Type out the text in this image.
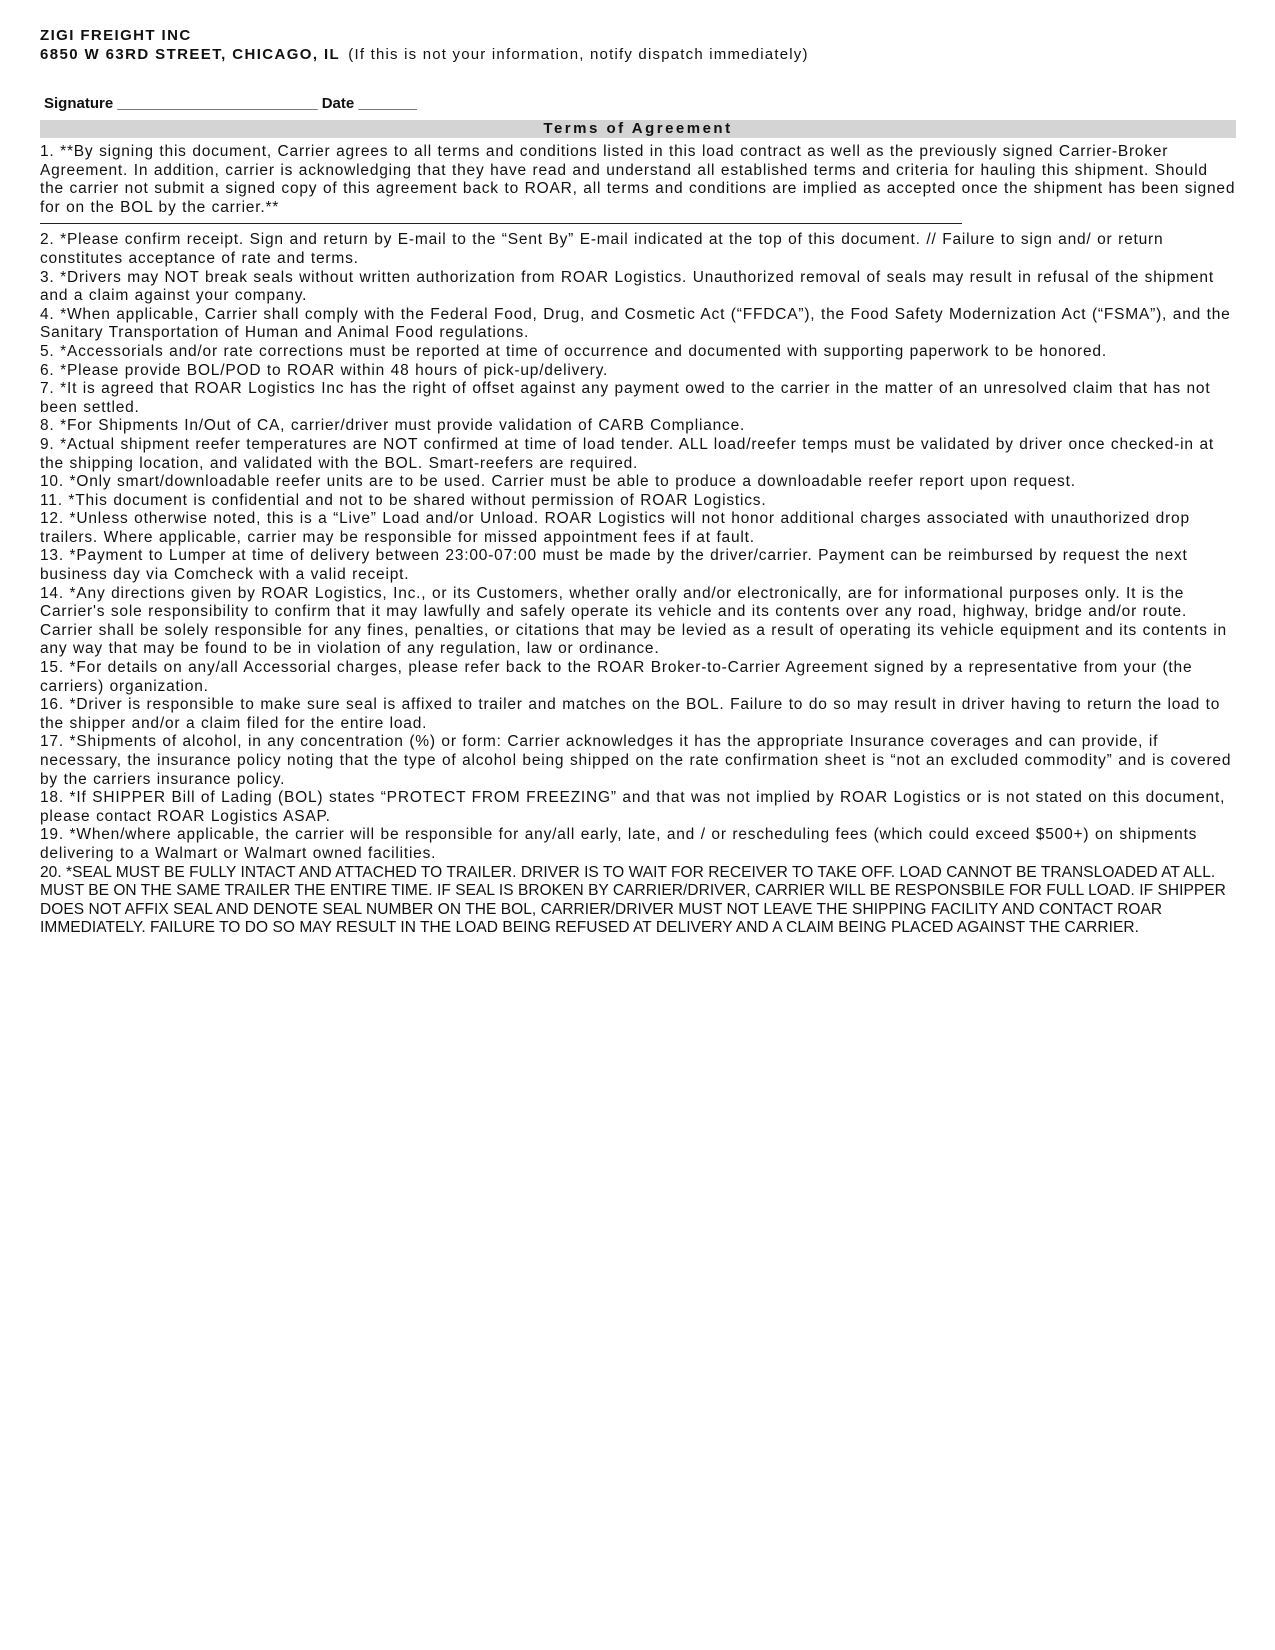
ZIGI FREIGHT INC
6850 W 63RD STREET, CHICAGO, IL (If this is not your information, notify dispatch immediately)
Signature ________________________ Date _______
Terms of Agreement
1. **By signing this document, Carrier agrees to all terms and conditions listed in this load contract as well as the previously signed Carrier-Broker Agreement. In addition, carrier is acknowledging that they have read and understand all established terms and criteria for hauling this shipment. Should the carrier not submit a signed copy of this agreement back to ROAR, all terms and conditions are implied as accepted once the shipment has been signed for on the BOL by the carrier.**
2. *Please confirm receipt. Sign and return by E-mail to the “Sent By” E-mail indicated at the top of this document. // Failure to sign and/ or return constitutes acceptance of rate and terms.
3. *Drivers may NOT break seals without written authorization from ROAR Logistics. Unauthorized removal of seals may result in refusal of the shipment and a claim against your company.
4. *When applicable, Carrier shall comply with the Federal Food, Drug, and Cosmetic Act (“FFDCA”), the Food Safety Modernization Act (“FSMA”), and the Sanitary Transportation of Human and Animal Food regulations.
5. *Accessorials and/or rate corrections must be reported at time of occurrence and documented with supporting paperwork to be honored.
6. *Please provide BOL/POD to ROAR within 48 hours of pick-up/delivery.
7. *It is agreed that ROAR Logistics Inc has the right of offset against any payment owed to the carrier in the matter of an unresolved claim that has not been settled.
8. *For Shipments In/Out of CA, carrier/driver must provide validation of CARB Compliance.
9. *Actual shipment reefer temperatures are NOT confirmed at time of load tender. ALL load/reefer temps must be validated by driver once checked-in at the shipping location, and validated with the BOL. Smart-reefers are required.
10. *Only smart/downloadable reefer units are to be used. Carrier must be able to produce a downloadable reefer report upon request.
11. *This document is confidential and not to be shared without permission of ROAR Logistics.
12. *Unless otherwise noted, this is a “Live” Load and/or Unload. ROAR Logistics will not honor additional charges associated with unauthorized drop trailers. Where applicable, carrier may be responsible for missed appointment fees if at fault.
13. *Payment to Lumper at time of delivery between 23:00-07:00 must be made by the driver/carrier. Payment can be reimbursed by request the next business day via Comcheck with a valid receipt.
14. *Any directions given by ROAR Logistics, Inc., or its Customers, whether orally and/or electronically, are for informational purposes only. It is the Carrier's sole responsibility to confirm that it may lawfully and safely operate its vehicle and its contents over any road, highway, bridge and/or route. Carrier shall be solely responsible for any fines, penalties, or citations that may be levied as a result of operating its vehicle equipment and its contents in any way that may be found to be in violation of any regulation, law or ordinance.
15. *For details on any/all Accessorial charges, please refer back to the ROAR Broker-to-Carrier Agreement signed by a representative from your (the carriers) organization.
16. *Driver is responsible to make sure seal is affixed to trailer and matches on the BOL. Failure to do so may result in driver having to return the load to the shipper and/or a claim filed for the entire load.
17. *Shipments of alcohol, in any concentration (%) or form: Carrier acknowledges it has the appropriate Insurance coverages and can provide, if necessary, the insurance policy noting that the type of alcohol being shipped on the rate confirmation sheet is “not an excluded commodity” and is covered by the carriers insurance policy.
18. *If SHIPPER Bill of Lading (BOL) states “PROTECT FROM FREEZING” and that was not implied by ROAR Logistics or is not stated on this document, please contact ROAR Logistics ASAP.
19. *When/where applicable, the carrier will be responsible for any/all early, late, and / or rescheduling fees (which could exceed $500+) on shipments delivering to a Walmart or Walmart owned facilities.
20. *SEAL MUST BE FULLY INTACT AND ATTACHED TO TRAILER. DRIVER IS TO WAIT FOR RECEIVER TO TAKE OFF. LOAD CANNOT BE TRANSLOADED AT ALL. MUST BE ON THE SAME TRAILER THE ENTIRE TIME. IF SEAL IS BROKEN BY CARRIER/DRIVER, CARRIER WILL BE RESPONSBILE FOR FULL LOAD. IF SHIPPER DOES NOT AFFIX SEAL AND DENOTE SEAL NUMBER ON THE BOL, CARRIER/DRIVER MUST NOT LEAVE THE SHIPPING FACILITY AND CONTACT ROAR IMMEDIATELY. FAILURE TO DO SO MAY RESULT IN THE LOAD BEING REFUSED AT DELIVERY AND A CLAIM BEING PLACED AGAINST THE CARRIER.
